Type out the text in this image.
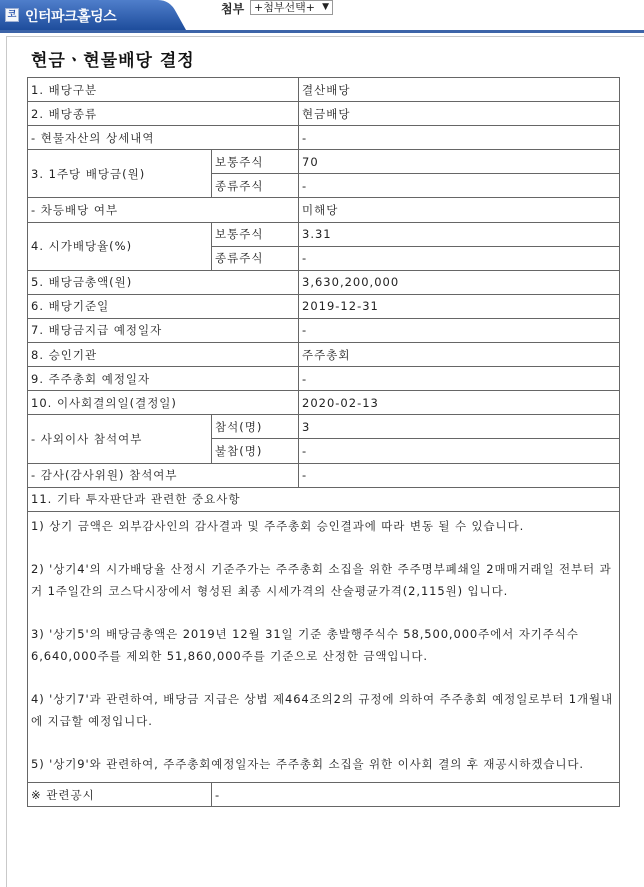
코 인터파크홀딩스	첨부 +첨부선택+ ▼
현금ㆍ현물배당 결정
1. 배당구분		결산배당
2. 배당종류		현금배당
- 현물자산의 상세내역		-
3. 1주당 배당금(원)	보통주식	70
	종류주식	-
- 차등배당 여부		미해당
4. 시가배당율(%)	보통주식	3.31
	종류주식	-
5. 배당금총액(원)		3,630,200,000
6. 배당기준일		2019-12-31
7. 배당금지급 예정일자		-
8. 승인기관		주주총회
9. 주주총회 예정일자		-
10. 이사회결의일(결정일)		2020-02-13
- 사외이사 참석여부	참석(명)	3
	불참(명)	-
- 감사(감사위원) 참석여부		-
11. 기타 투자판단과 관련한 중요사항		

1) 상기 금액은 외부감사인의 감사결과 및 주주총회 승인결과에 따라 변동 될 수 있습니다.

2) '상기4'의 시가배당율 산정시 기준주가는 주주총회 소집을 위한 주주명부폐쇄일 2매매거래일 전부터 과거 1주일간의 코스닥시장에서 형성된 최종 시세가격의 산술평균가격(2,115원) 입니다.

3) '상기5'의 배당금총액은 2019년 12월 31일 기준 총발행주식수 58,500,000주에서 자기주식수 6,640,000주를 제외한 51,860,000주를 기준으로 산정한 금액입니다.

4) '상기7'과 관련하여, 배당금 지급은 상법 제464조의2의 규정에 의하여 주주총회 예정일로부터 1개월내에 지급할 예정입니다.

5) '상기9'와 관련하여, 주주총회예정일자는 주주총회 소집을 위한 이사회 결의 후 재공시하겠습니다.		

※ 관련공시	-	
